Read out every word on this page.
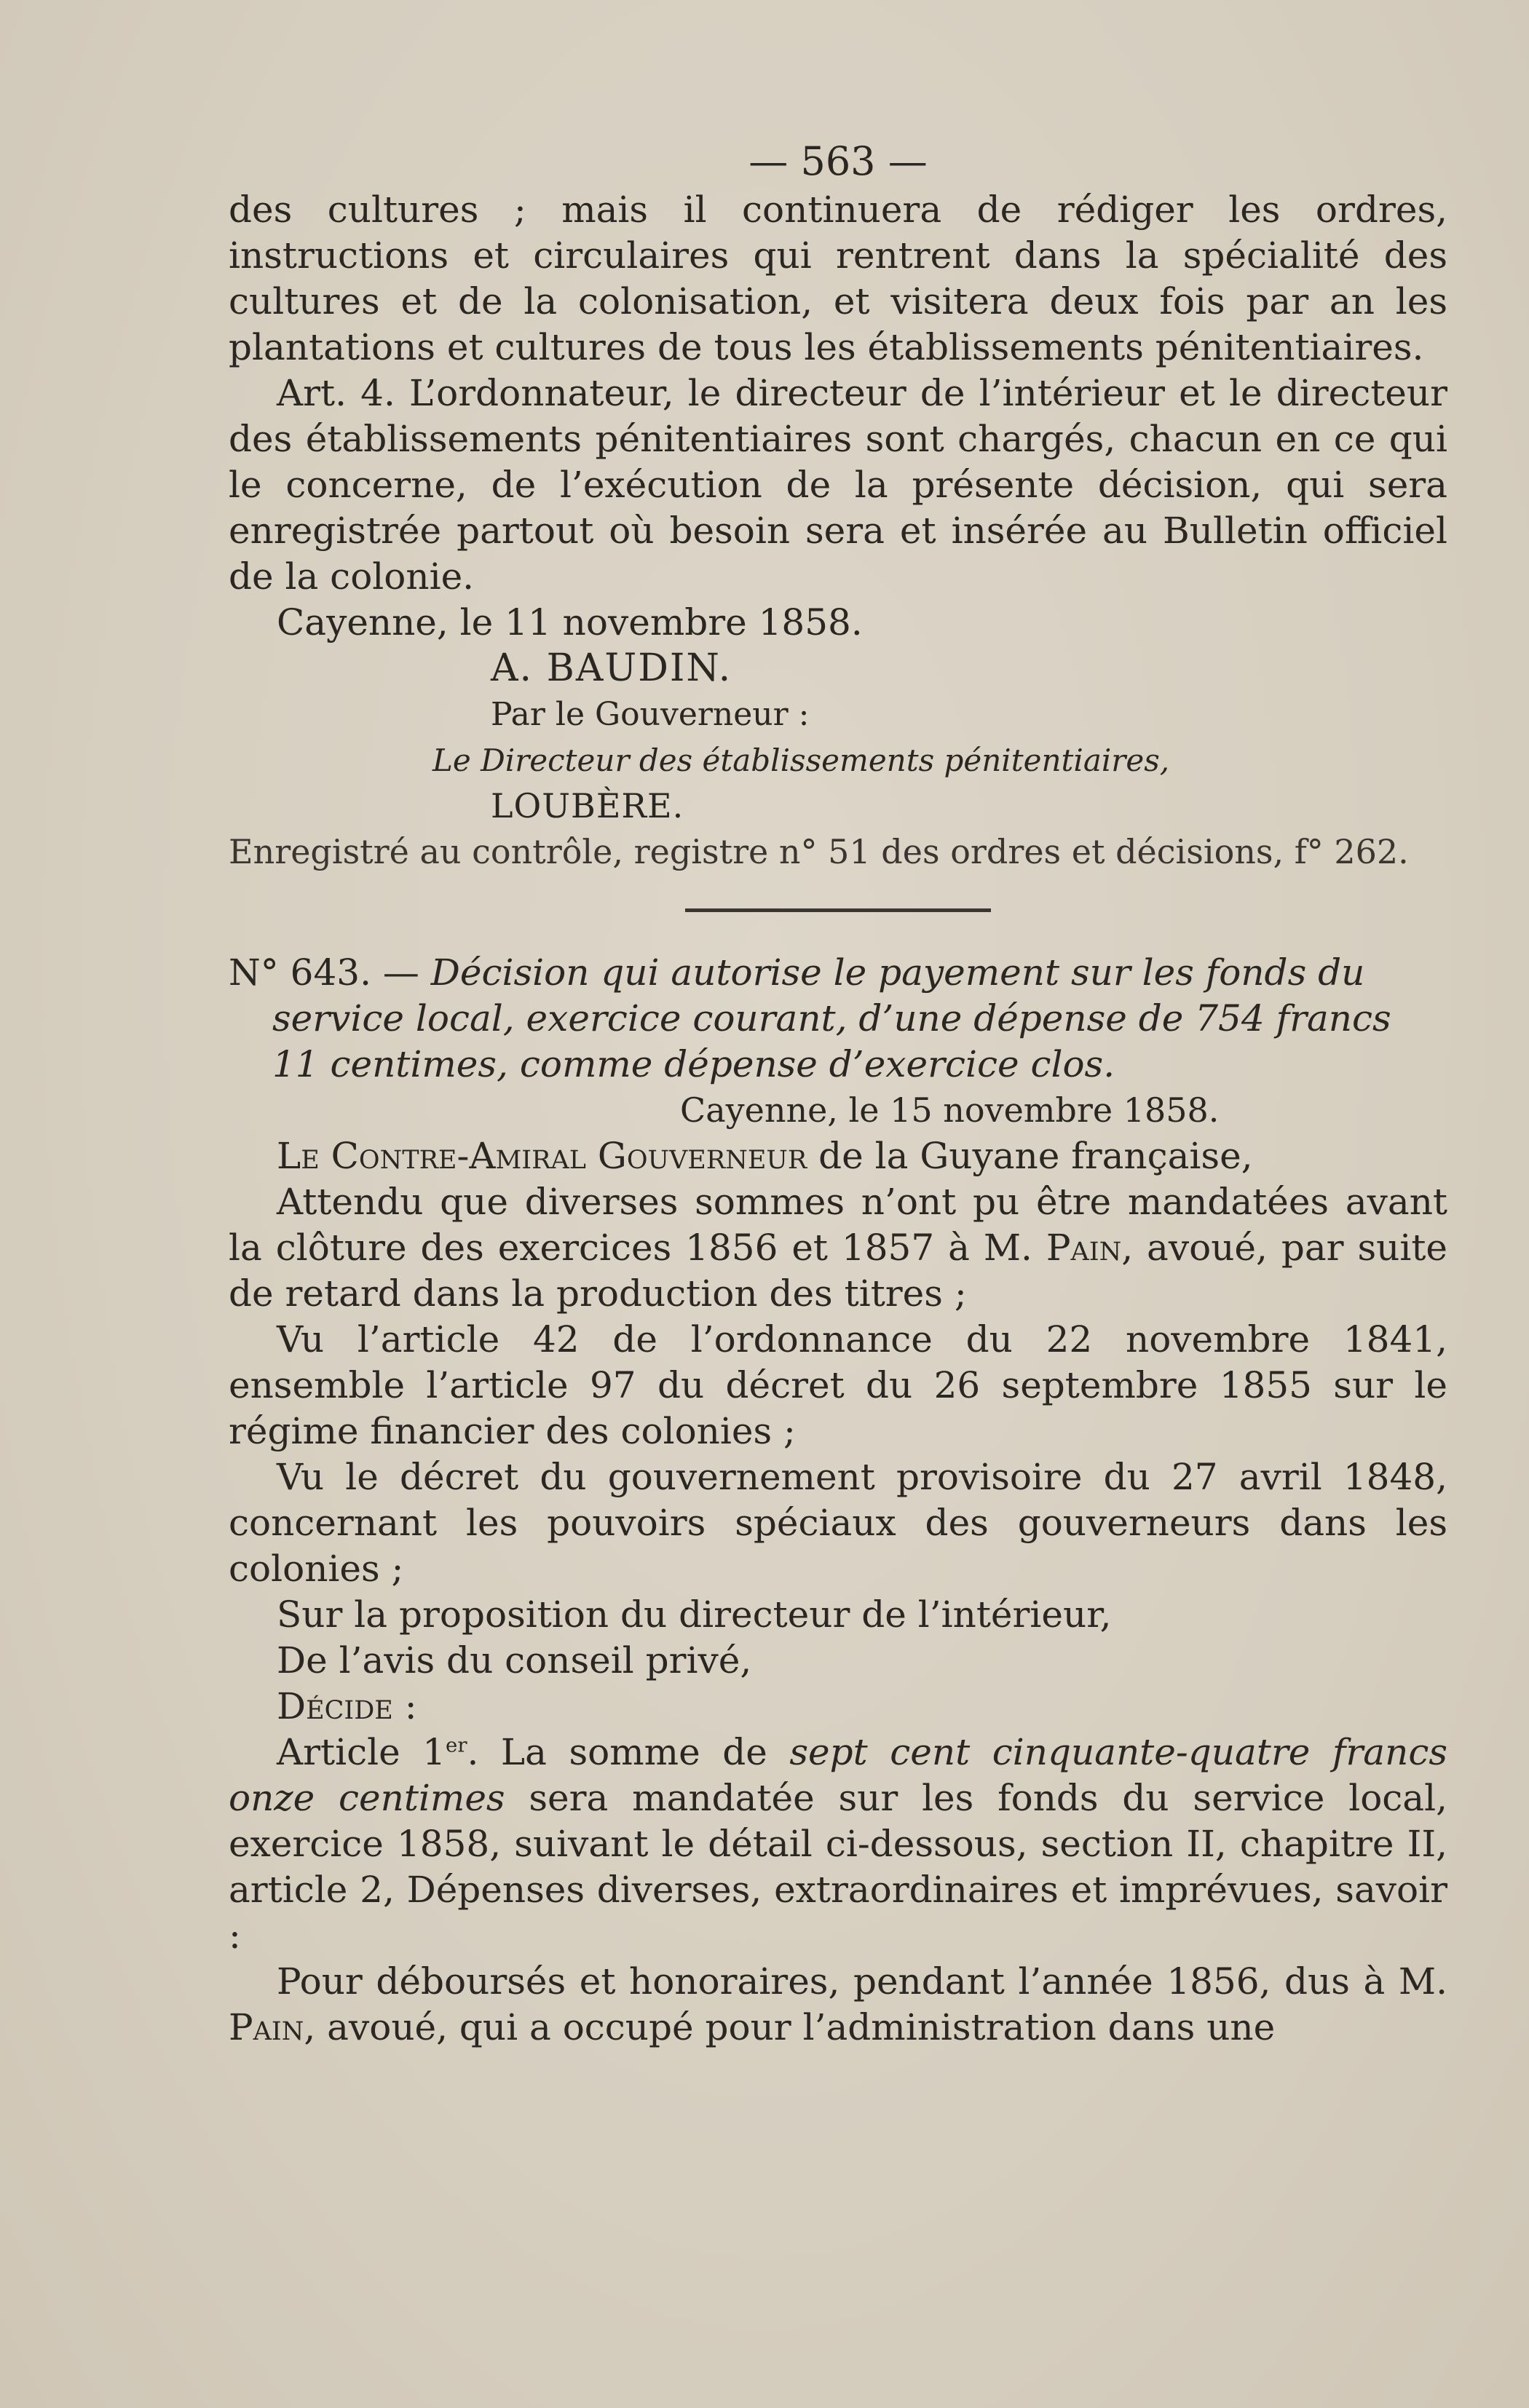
— 563 —

des cultures ; mais il continuera de rédiger les ordres, instructions et circulaires qui rentrent dans la spécialité des cultures et de la colonisation, et visitera deux fois par an les plantations et cultures de tous les établissements pénitentiaires.

Art. 4. L’ordonnateur, le directeur de l’intérieur et le directeur des établissements pénitentiaires sont chargés, chacun en ce qui le concerne, de l’exécution de la présente décision, qui sera enregistrée partout où besoin sera et insérée au Bulletin officiel de la colonie.

Cayenne, le 11 novembre 1858.

A. BAUDIN.
Par le Gouverneur :
Le Directeur des établissements pénitentiaires,
LOUBÈRE.

Enregistré au contrôle, registre n° 51 des ordres et décisions, f° 262.

N° 643. — Décision qui autorise le payement sur les fonds du
service local, exercice courant, d’une dépense de 754 francs
11 centimes, comme dépense d’exercice clos.

Cayenne, le 15 novembre 1858.

Le Contre-Amiral Gouverneur de la Guyane française,

Attendu que diverses sommes n’ont pu être mandatées avant la clôture des exercices 1856 et 1857 à M. Pain, avoué, par suite de retard dans la production des titres ;

Vu l’article 42 de l’ordonnance du 22 novembre 1841, ensemble l’article 97 du décret du 26 septembre 1855 sur le régime financier des colonies ;

Vu le décret du gouvernement provisoire du 27 avril 1848, concernant les pouvoirs spéciaux des gouverneurs dans les colonies ;

Sur la proposition du directeur de l’intérieur,

De l’avis du conseil privé,

Décide :

Article 1er. La somme de sept cent cinquante-quatre francs onze centimes sera mandatée sur les fonds du service local, exercice 1858, suivant le détail ci-dessous, section II, chapitre II, article 2, Dépenses diverses, extraordinaires et imprévues, savoir :

Pour déboursés et honoraires, pendant l’année 1856, dus à M. Pain, avoué, qui a occupé pour l’administration dans une
